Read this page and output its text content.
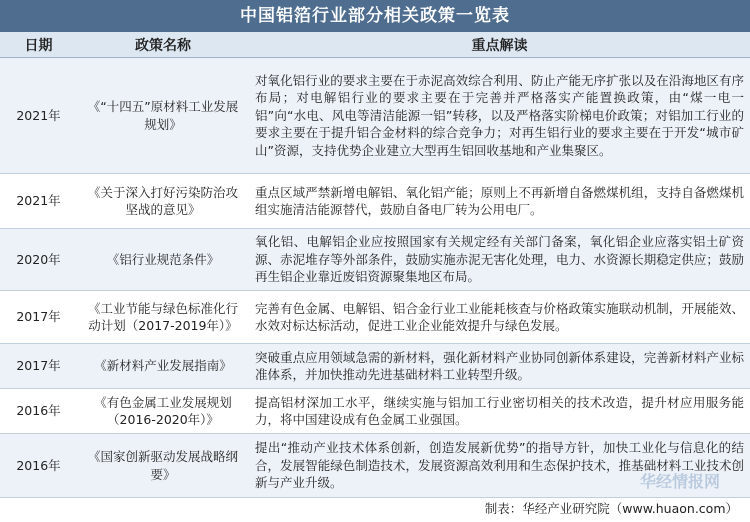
中国铝箔行业部分相关政策一览表
日期	政策名称	重点解读
2021年	《“十四五”原材料工业发展规划》	对氧化铝行业的要求主要在于赤泥高效综合利用、防止产能无序扩张以及在沿海地区有序布局；对电解铝行业的要求主要在于完善并严格落实产能置换政策，由“煤一电一铝”向“水电、风电等清洁能源一铝”转移，以及严格落实阶梯电价政策；对铝加工行业的要求主要在于提升铝合金材料的综合竞争力；对再生铝行业的要求主要在于开发“城市矿山”资源，支持优势企业建立大型再生铝回收基地和产业集聚区。
2021年	《关于深入打好污染防治攻坚战的意见》	重点区域严禁新增电解铝、氧化铝产能；原则上不再新增自备燃煤机组，支持自备燃煤机组实施清洁能源替代，鼓励自备电厂转为公用电厂。
2020年	《铝行业规范条件》	氧化铝、电解铝企业应按照国家有关规定经有关部门备案，氧化铝企业应落实铝土矿资源、赤泥堆存等外部条件，鼓励实施赤泥无害化处理，电力、水资源长期稳定供应；鼓励再生铝企业靠近废铝资源聚集地区布局。
2017年	《工业节能与绿色标准化行动计划（2017-2019年）》	完善有色金属、电解铝、铝合金行业工业能耗核查与价格政策实施联动机制，开展能效、水效对标达标活动，促进工业企业能效提升与绿色发展。
2017年	《新材料产业发展指南》	突破重点应用领域急需的新材料，强化新材料产业协同创新体系建设，完善新材料产业标准体系，并加快推动先进基础材料工业转型升级。
2016年	《有色金属工业发展规划（2016-2020年）》	提高铝材深加工水平，继续实施与铝加工行业密切相关的技术改造，提升材应用服务能力，将中国建设成有色金属工业强国。
2016年	《国家创新驱动发展战略纲要》	提出“推动产业技术体系创新，创造发展新优势”的指导方针，加快工业化与信息化的结合，发展智能绿色制造技术，发展资源高效利用和生态保护技术，推基础材料工业技术创新与产业升级。	华经情报网
制表：华经产业研究院（www.huaon.com）
